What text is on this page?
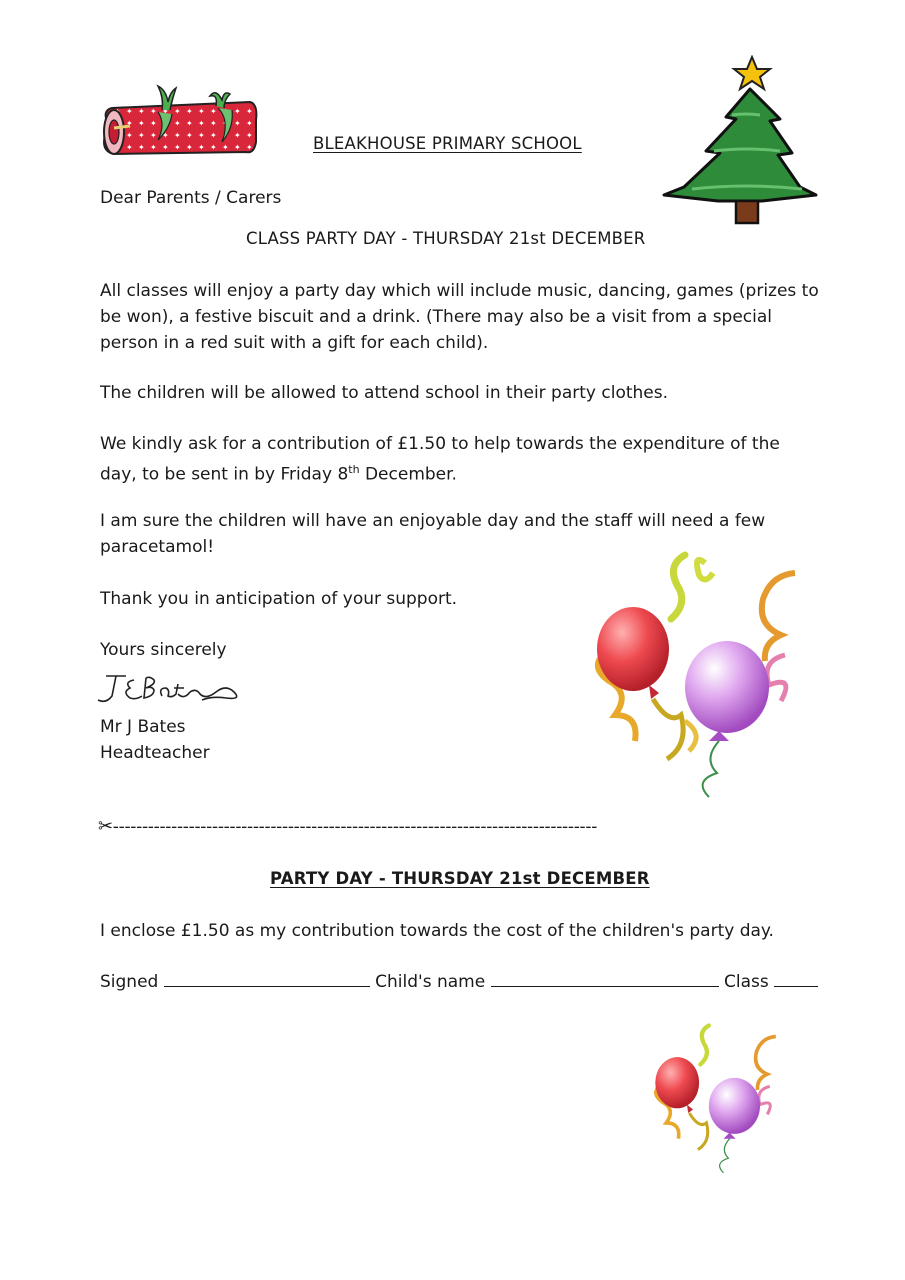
BLEAKHOUSE PRIMARY SCHOOL
Dear Parents / Carers
CLASS PARTY DAY - THURSDAY 21st DECEMBER
All classes will enjoy a party day which will include music, dancing, games (prizes to be won), a festive biscuit and a drink. (There may also be a visit from a special person in a red suit with a gift for each child).
The children will be allowed to attend school in their party clothes.
We kindly ask for a contribution of £1.50 to help towards the expenditure of the day, to be sent in by Friday 8th December.
I am sure the children will have an enjoyable day and the staff will need a few paracetamol!
Thank you in anticipation of your support.
Yours sincerely
Mr J Bates
Headteacher
✂-----------------------------------------------------------------------------------
PARTY DAY - THURSDAY 21st DECEMBER
I enclose £1.50 as my contribution towards the cost of the children's party day.
Signed	Child's name	Class
